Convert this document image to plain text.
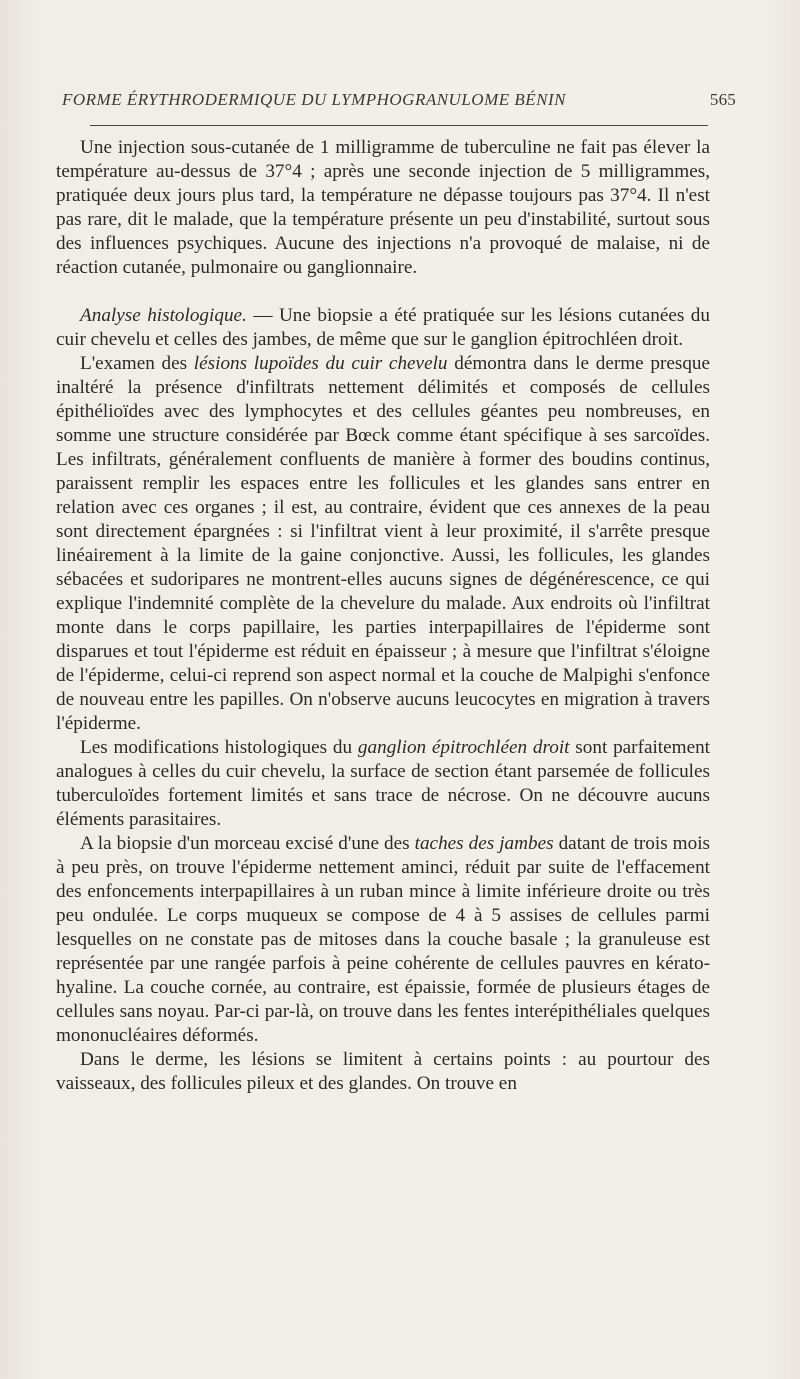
FORME ÉRYTHRODERMIQUE DU LYMPHOGRANULOME BÉNIN	565

Une injection sous-cutanée de 1 milligramme de tuberculine ne fait pas élever la température au-dessus de 37°4 ; après une seconde injection de 5 milligrammes, pratiquée deux jours plus tard, la température ne dépasse toujours pas 37°4. Il n'est pas rare, dit le malade, que la température présente un peu d'instabilité, surtout sous des influences psychiques. Aucune des injections n'a provoqué de malaise, ni de réaction cutanée, pulmonaire ou ganglionnaire.

Analyse histologique. — Une biopsie a été pratiquée sur les lésions cutanées du cuir chevelu et celles des jambes, de même que sur le ganglion épitrochléen droit.

L'examen des lésions lupoïdes du cuir chevelu démontra dans le derme presque inaltéré la présence d'infiltrats nettement délimités et composés de cellules épithélioïdes avec des lymphocytes et des cellules géantes peu nombreuses, en somme une structure considérée par Bœck comme étant spécifique à ses sarcoïdes. Les infiltrats, généralement confluents de manière à former des boudins continus, paraissent remplir les espaces entre les follicules et les glandes sans entrer en relation avec ces organes ; il est, au contraire, évident que ces annexes de la peau sont directement épargnées : si l'infiltrat vient à leur proximité, il s'arrête presque linéairement à la limite de la gaine conjonctive. Aussi, les follicules, les glandes sébacées et sudoripares ne montrent-elles aucuns signes de dégénérescence, ce qui explique l'indemnité complète de la chevelure du malade. Aux endroits où l'infiltrat monte dans le corps papillaire, les parties interpapillaires de l'épiderme sont disparues et tout l'épiderme est réduit en épaisseur ; à mesure que l'infiltrat s'éloigne de l'épiderme, celui-ci reprend son aspect normal et la couche de Malpighi s'enfonce de nouveau entre les papilles. On n'observe aucuns leucocytes en migration à travers l'épiderme.

Les modifications histologiques du ganglion épitrochléen droit sont parfaitement analogues à celles du cuir chevelu, la surface de section étant parsemée de follicules tuberculoïdes fortement limités et sans trace de nécrose. On ne découvre aucuns éléments parasitaires.

A la biopsie d'un morceau excisé d'une des taches des jambes datant de trois mois à peu près, on trouve l'épiderme nettement aminci, réduit par suite de l'effacement des enfoncements interpapillaires à un ruban mince à limite inférieure droite ou très peu ondulée. Le corps muqueux se compose de 4 à 5 assises de cellules parmi lesquelles on ne constate pas de mitoses dans la couche basale ; la granuleuse est représentée par une rangée parfois à peine cohérente de cellules pauvres en kérato-hyaline. La couche cornée, au contraire, est épaissie, formée de plusieurs étages de cellules sans noyau. Par-ci par-là, on trouve dans les fentes interépithéliales quelques mononucléaires déformés.

Dans le derme, les lésions se limitent à certains points : au pourtour des vaisseaux, des follicules pileux et des glandes. On trouve en
